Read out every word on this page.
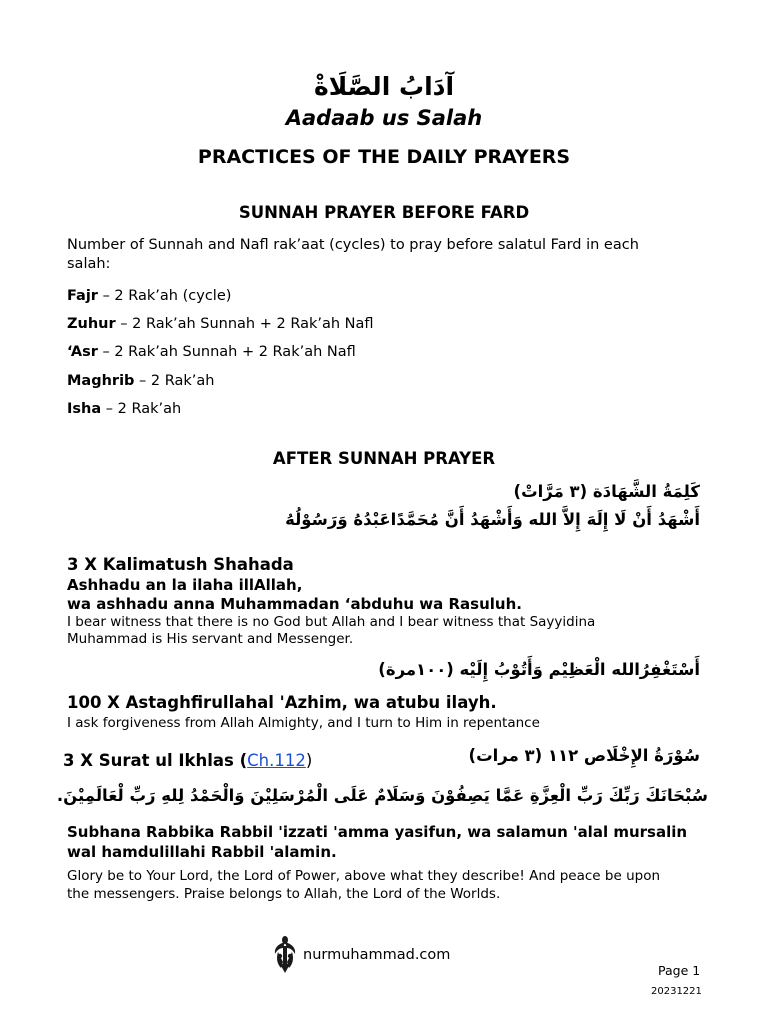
آدَابُ الصَّلَاةْ
Aadaab us Salah
PRACTICES OF THE DAILY PRAYERS
SUNNAH PRAYER BEFORE FARD
Number of Sunnah and Nafl rak’aat (cycles) to pray before salatul Fard in each
salah:
Fajr – 2 Rak’ah (cycle)
Zuhur – 2 Rak’ah Sunnah + 2 Rak’ah Nafl
‘Asr – 2 Rak’ah Sunnah + 2 Rak’ah Nafl
Maghrib – 2 Rak’ah
Isha – 2 Rak’ah
AFTER SUNNAH PRAYER
كَلِمَةُ الشَّهَادَة (٣ مَرَّاتْ)
أَشْهَدُ أَنْ لَا إِلَهَ إِلاَّ الله وَأَشْهَدُ أَنَّ مُحَمَّدًاعَبْدُهُ وَرَسُوْلُهُ
3 X Kalimatush Shahada
Ashhadu an la ilaha illAllah,
wa ashhadu anna Muhammadan ‘abduhu wa Rasuluh.
I bear witness that there is no God but Allah and I bear witness that Sayyidina
Muhammad is His servant and Messenger.
أَسْتَغْفِرُالله الْعَظِيْم وَأَتُوْبُ إِلَيْه (١٠٠مرة)
100 X Astaghfirullahal 'Azhim, wa atubu ilayh.
I ask forgiveness from Allah Almighty, and I turn to Him in repentance
3 X Surat ul Ikhlas (Ch.112)	سُوْرَةُ الإِخْلَاص ١١٢ (٣ مرات)
سُبْحَانَكَ رَبِّكَ رَبِّ الْعِزَّةِ عَمَّا يَصِفُوْنَ وَسَلَامٌ عَلَى الْمُرْسَلِيْنَ وَالْحَمْدُ لِلهِ رَبِّ لْعَالَمِيْنَ.
Subhana Rabbika Rabbil 'izzati 'amma yasifun, wa salamun 'alal mursalin
wal hamdulillahi Rabbil 'alamin.
Glory be to Your Lord, the Lord of Power, above what they describe! And peace be upon
the messengers. Praise belongs to Allah, the Lord of the Worlds.
nurmuhammad.com
Page 1
20231221
